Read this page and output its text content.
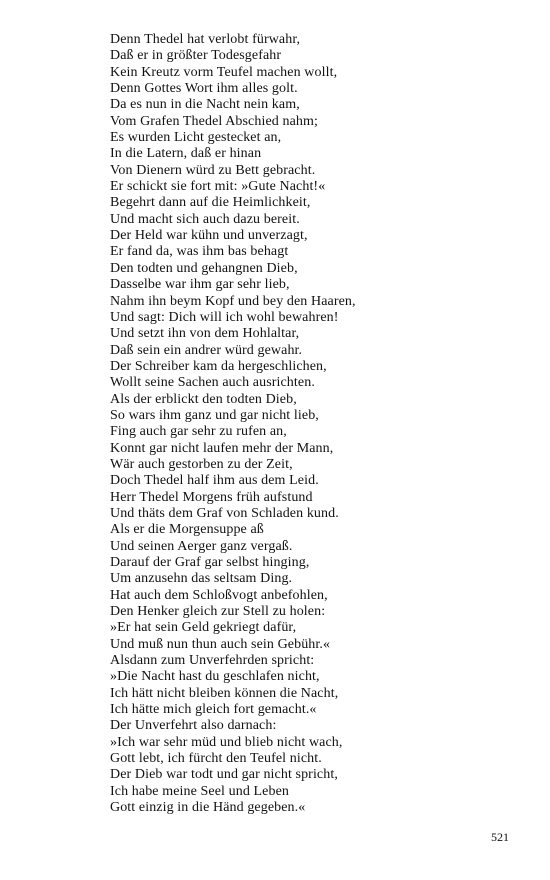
Denn Thedel hat verlobt fürwahr,
Daß er in größter Todesgefahr
Kein Kreutz vorm Teufel machen wollt,
Denn Gottes Wort ihm alles golt.
Da es nun in die Nacht nein kam,
Vom Grafen Thedel Abschied nahm;
Es wurden Licht gestecket an,
In die Latern, daß er hinan
Von Dienern würd zu Bett gebracht.
Er schickt sie fort mit: »Gute Nacht!«
Begehrt dann auf die Heimlichkeit,
Und macht sich auch dazu bereit.
Der Held war kühn und unverzagt,
Er fand da, was ihm bas behagt
Den todten und gehangnen Dieb,
Dasselbe war ihm gar sehr lieb,
Nahm ihn beym Kopf und bey den Haaren,
Und sagt: Dich will ich wohl bewahren!
Und setzt ihn von dem Hohlaltar,
Daß sein ein andrer würd gewahr.
Der Schreiber kam da hergeschlichen,
Wollt seine Sachen auch ausrichten.
Als der erblickt den todten Dieb,
So wars ihm ganz und gar nicht lieb,
Fing auch gar sehr zu rufen an,
Konnt gar nicht laufen mehr der Mann,
Wär auch gestorben zu der Zeit,
Doch Thedel half ihm aus dem Leid.
Herr Thedel Morgens früh aufstund
Und thäts dem Graf von Schladen kund.
Als er die Morgensuppe aß
Und seinen Aerger ganz vergaß.
Darauf der Graf gar selbst hinging,
Um anzusehn das seltsam Ding.
Hat auch dem Schloßvogt anbefohlen,
Den Henker gleich zur Stell zu holen:
»Er hat sein Geld gekriegt dafür,
Und muß nun thun auch sein Gebühr.«
Alsdann zum Unverfehrden spricht:
»Die Nacht hast du geschlafen nicht,
Ich hätt nicht bleiben können die Nacht,
Ich hätte mich gleich fort gemacht.«
Der Unverfehrt also darnach:
»Ich war sehr müd und blieb nicht wach,
Gott lebt, ich fürcht den Teufel nicht.
Der Dieb war todt und gar nicht spricht,
Ich habe meine Seel und Leben
Gott einzig in die Händ gegeben.«
521
